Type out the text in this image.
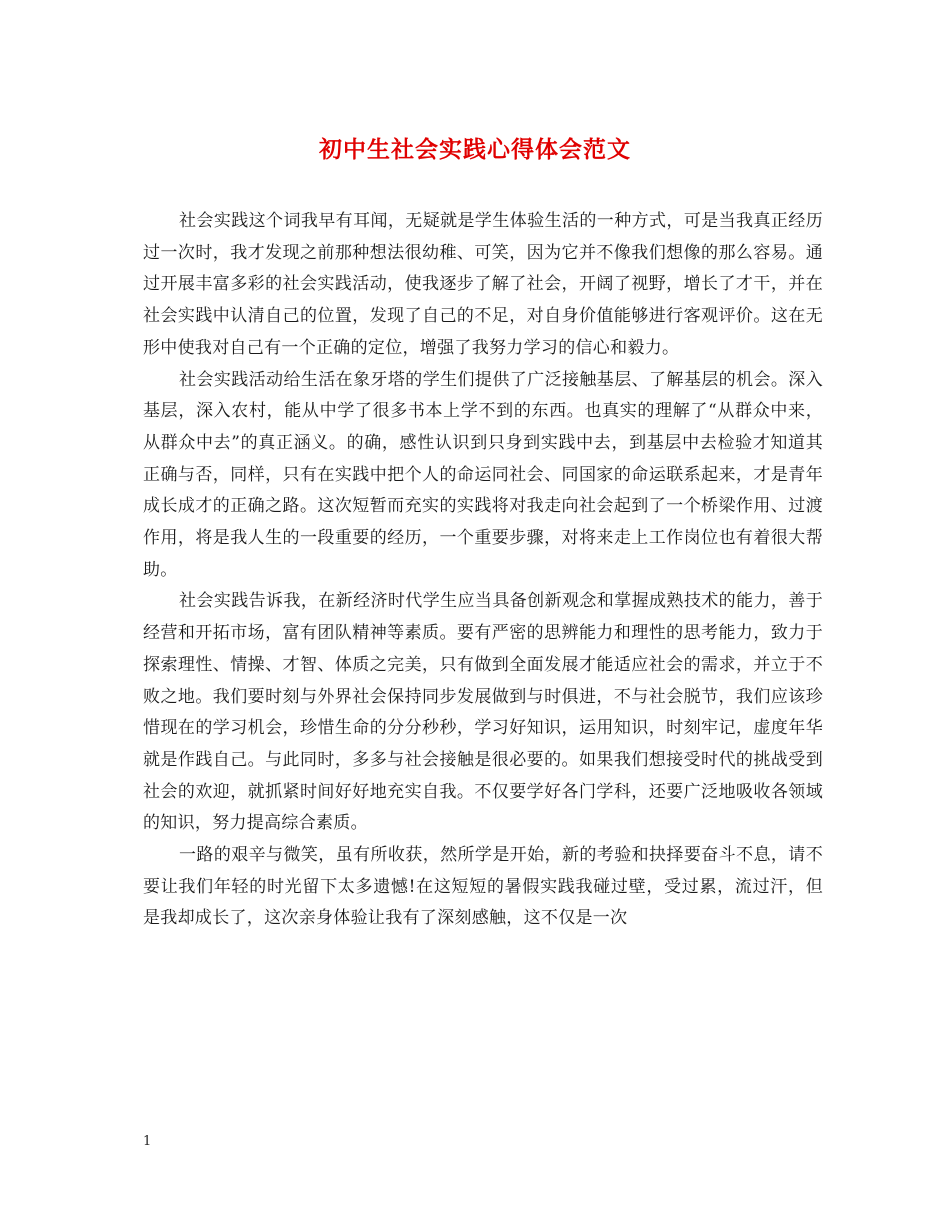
初中生社会实践心得体会范文

社会实践这个词我早有耳闻，无疑就是学生体验生活的一种方式，可是当我真正经历过一次时，我才发现之前那种想法很幼稚、可笑，因为它并不像我们想像的那么容易。通过开展丰富多彩的社会实践活动，使我逐步了解了社会，开阔了视野，增长了才干，并在社会实践中认清自己的位置，发现了自己的不足，对自身价值能够进行客观评价。这在无形中使我对自己有一个正确的定位，增强了我努力学习的信心和毅力。

社会实践活动给生活在象牙塔的学生们提供了广泛接触基层、了解基层的机会。深入基层，深入农村，能从中学了很多书本上学不到的东西。也真实的理解了“从群众中来，从群众中去”的真正涵义。的确，感性认识到只身到实践中去，到基层中去检验才知道其正确与否，同样，只有在实践中把个人的命运同社会、同国家的命运联系起来，才是青年成长成才的正确之路。这次短暂而充实的实践将对我走向社会起到了一个桥梁作用、过渡作用，将是我人生的一段重要的经历，一个重要步骤，对将来走上工作岗位也有着很大帮助。

社会实践告诉我，在新经济时代学生应当具备创新观念和掌握成熟技术的能力，善于经营和开拓市场，富有团队精神等素质。要有严密的思辨能力和理性的思考能力，致力于探索理性、情操、才智、体质之完美，只有做到全面发展才能适应社会的需求，并立于不败之地。我们要时刻与外界社会保持同步发展做到与时俱进，不与社会脱节，我们应该珍惜现在的学习机会，珍惜生命的分分秒秒，学习好知识，运用知识，时刻牢记，虚度年华就是作践自己。与此同时，多多与社会接触是很必要的。如果我们想接受时代的挑战受到社会的欢迎，就抓紧时间好好地充实自我。不仅要学好各门学科，还要广泛地吸收各领域的知识，努力提高综合素质。

一路的艰辛与微笑，虽有所收获，然所学是开始，新的考验和抉择要奋斗不息，请不要让我们年轻的时光留下太多遗憾!在这短短的暑假实践我碰过壁，受过累，流过汗，但是我却成长了，这次亲身体验让我有了深刻感触，这不仅是一次

1
